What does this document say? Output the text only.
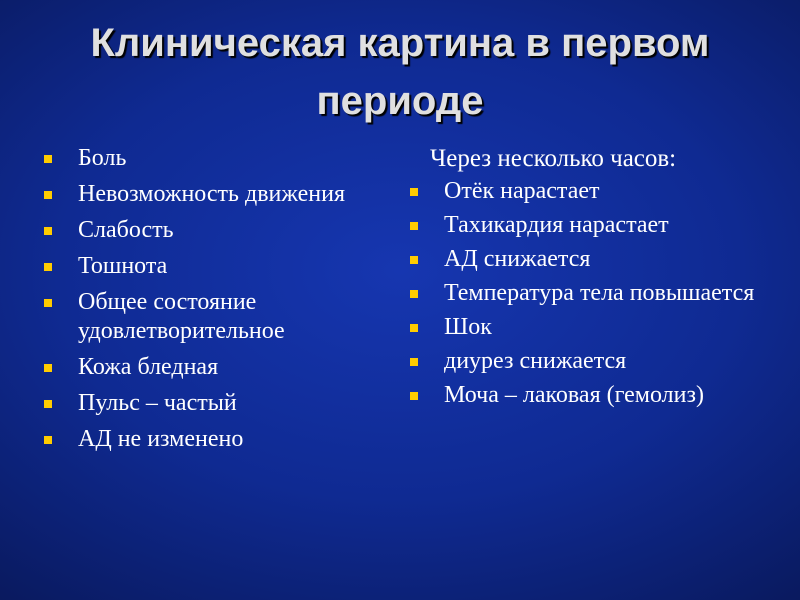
Клиническая картина в первом периоде
Боль
Невозможность движения
Слабость
Тошнота
Общее состояние удовлетворительное
Кожа бледная
Пульс – частый
АД не изменено
Через несколько часов:
Отёк нарастает
Тахикардия нарастает
АД снижается
Температура тела повышается
Шок
диурез снижается
Моча – лаковая (гемолиз)
